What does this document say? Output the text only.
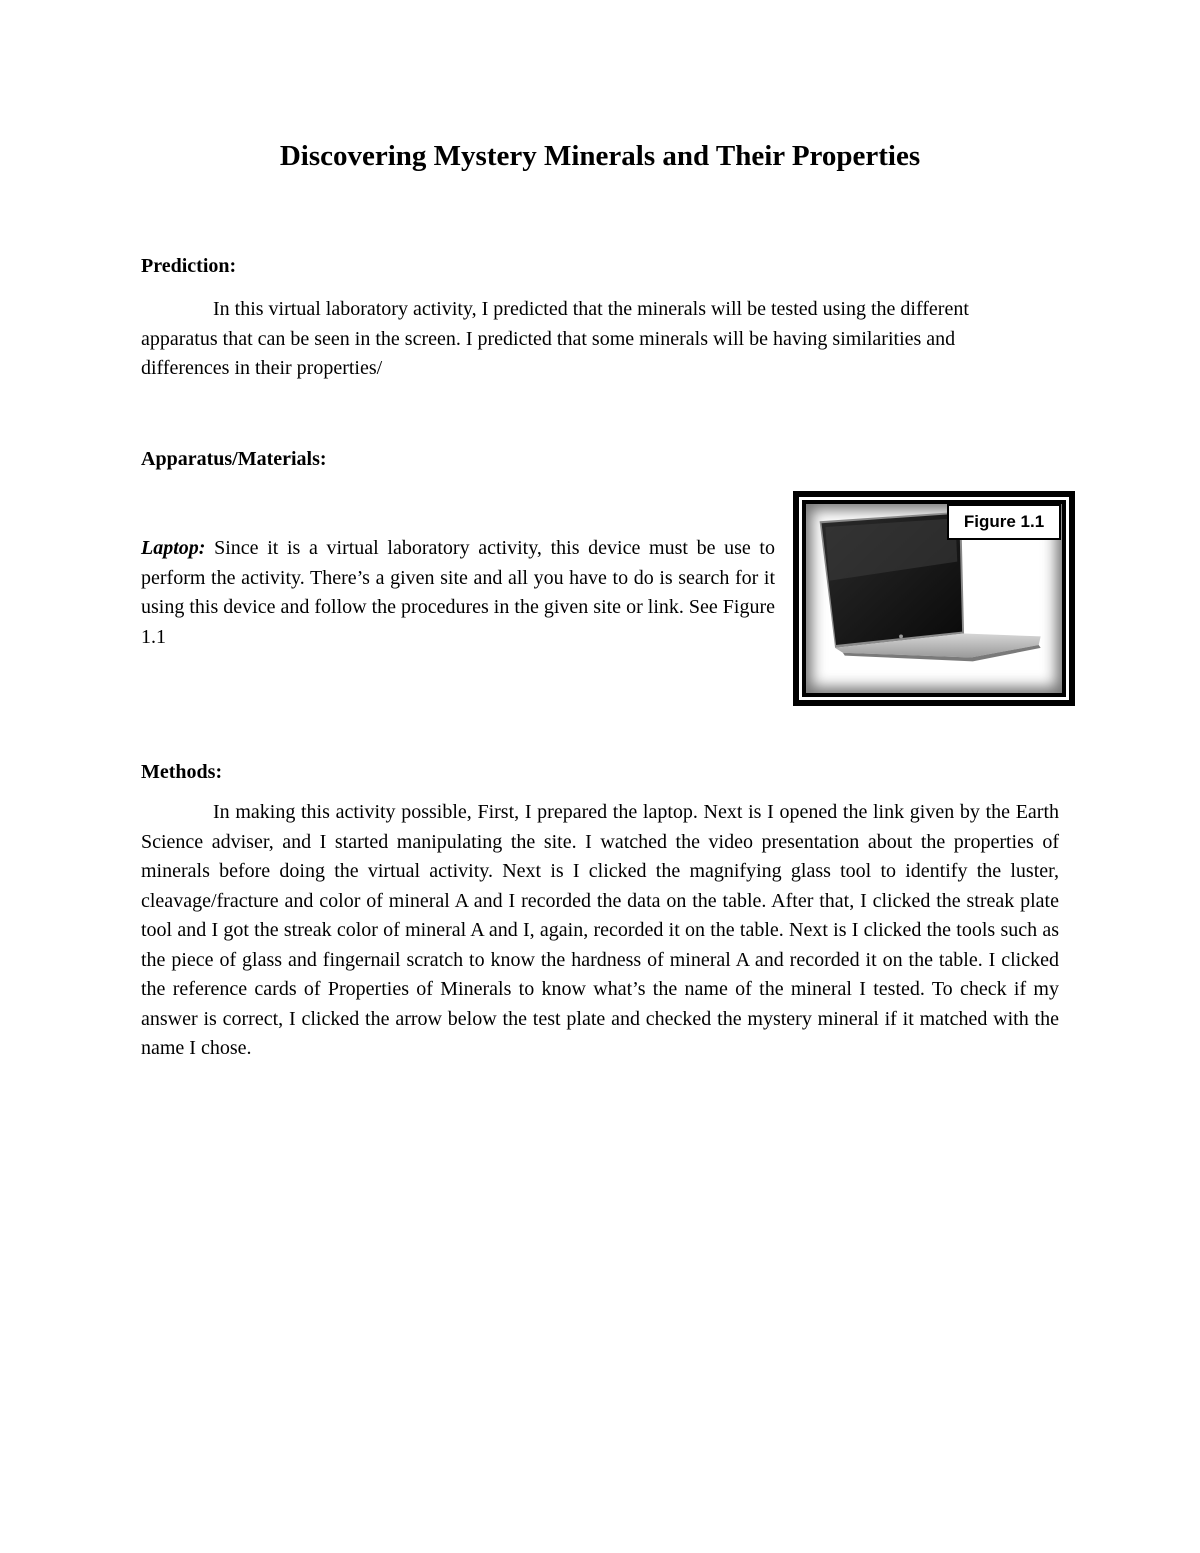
Discovering Mystery Minerals and Their Properties
Prediction:

In this virtual laboratory activity, I predicted that the minerals will be tested using the different apparatus that can be seen in the screen. I predicted that some minerals will be having similarities and differences in their properties/

Apparatus/Materials:

Laptop: Since it is a virtual laboratory activity, this device must be use to perform the activity. There’s a given site and all you have to do is search for it using this device and follow the procedures in the given site or link. See Figure 1.1

Figure 1.1
Methods:

In making this activity possible, First, I prepared the laptop. Next is I opened the link given by the Earth Science adviser, and I started manipulating the site. I watched the video presentation about the properties of minerals before doing the virtual activity. Next is I clicked the magnifying glass tool to identify the luster, cleavage/fracture and color of mineral A and I recorded the data on the table. After that, I clicked the streak plate tool and I got the streak color of mineral A and I, again, recorded it on the table. Next is I clicked the tools such as the piece of glass and fingernail scratch to know the hardness of mineral A and recorded it on the table. I clicked the reference cards of Properties of Minerals to know what’s the name of the mineral I tested. To check if my answer is correct, I clicked the arrow below the test plate and checked the mystery mineral if it matched with the name I chose.
